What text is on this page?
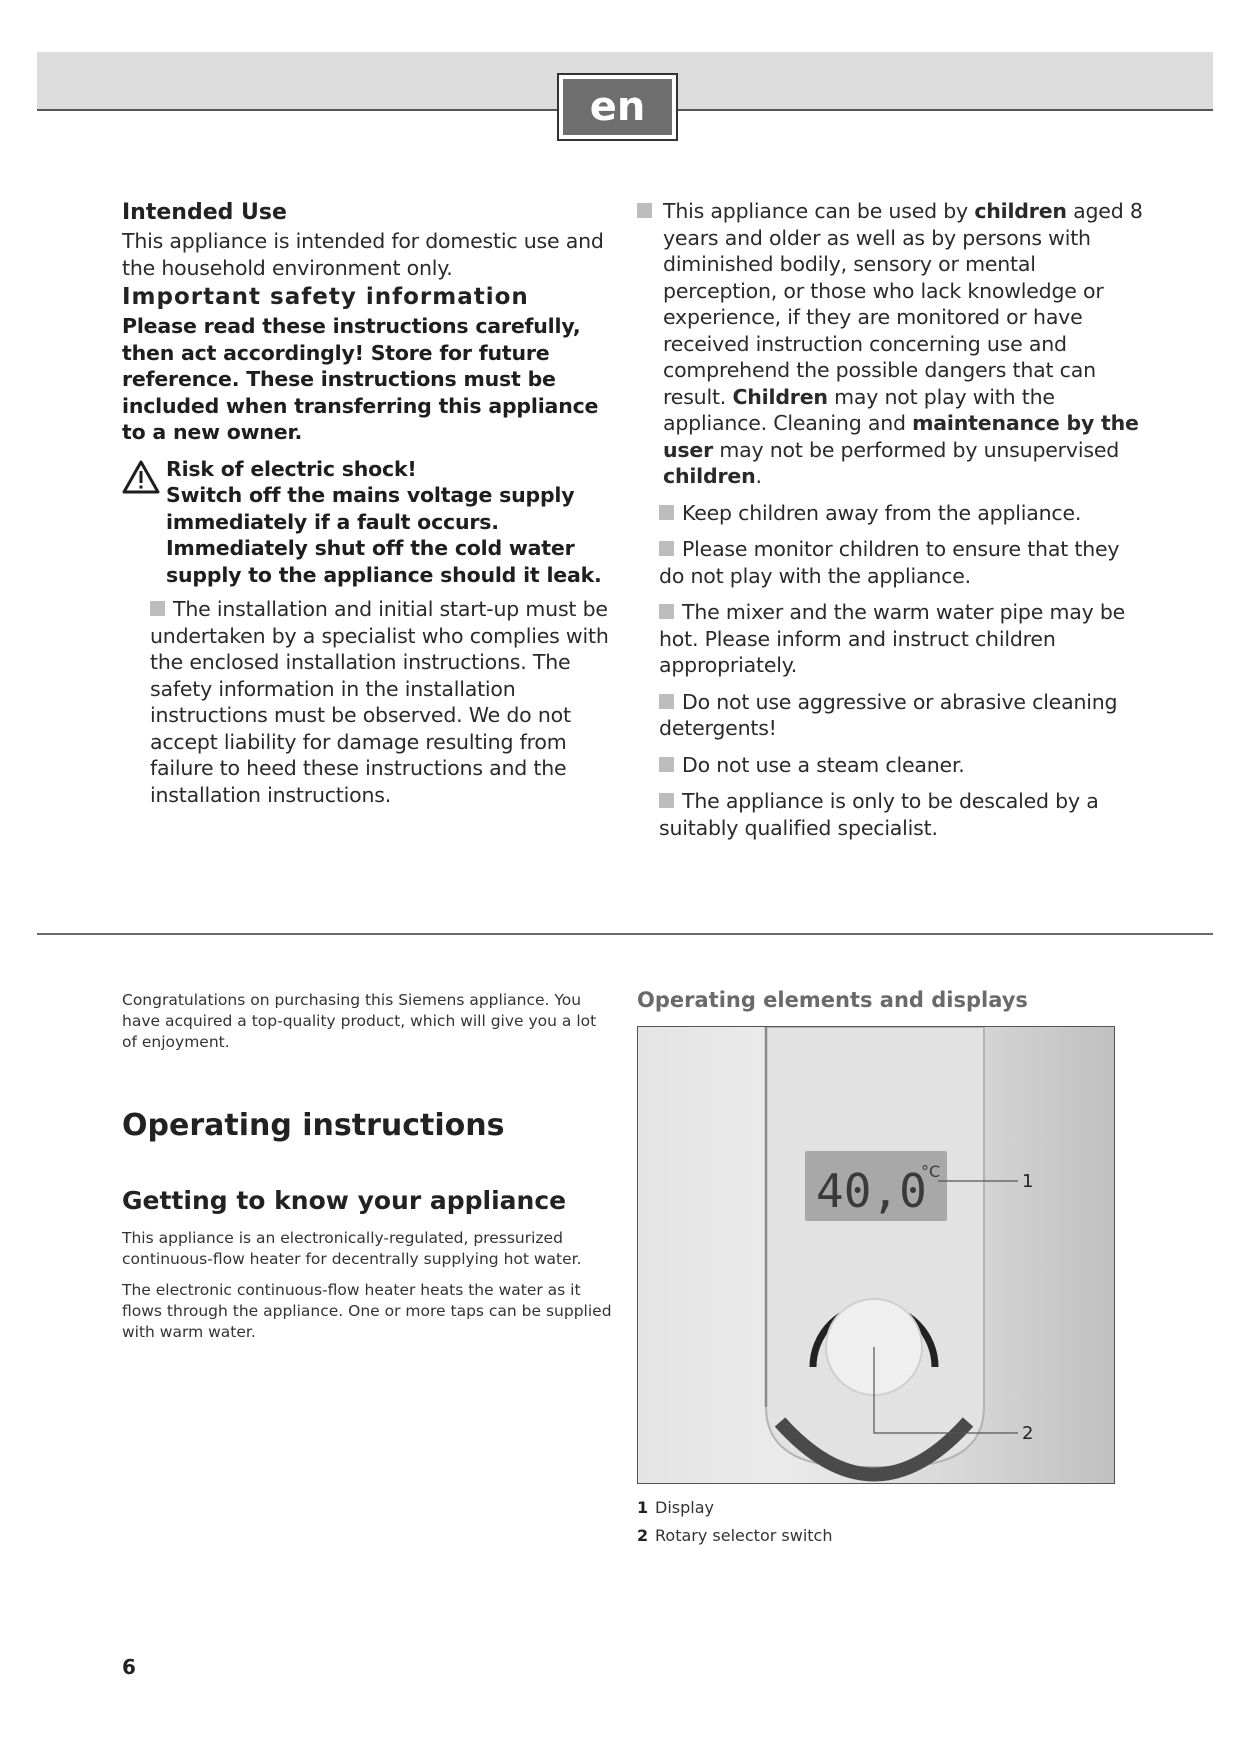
en
Intended Use

This appliance is intended for domestic use and the household environment only.

Important safety information

Please read these instructions carefully, then act accordingly! Store for future reference. These instructions must be included when transferring this appliance to a new owner.

Risk of electric shock!

Switch off the mains voltage supply immediately if a fault occurs.

Immediately shut off the cold water supply to the appliance should it leak.

The installation and initial start-up must be undertaken by a specialist who complies with the enclosed installation instructions. The safety information in the installation instructions must be observed. We do not accept liability for damage resulting from failure to heed these instructions and the installation instructions.

This appliance can be used by children aged 8 years and older as well as by persons with diminished bodily, sensory or mental perception, or those who lack knowledge or experience, if they are monitored or have received instruction concerning use and comprehend the possible dangers that can result. Children may not play with the appliance. Cleaning and maintenance by the user may not be performed by unsupervised children.

Keep children away from the appliance.

Please monitor children to ensure that they do not play with the appliance.

The mixer and the warm water pipe may be hot. Please inform and instruct children appropriately.

Do not use aggressive or abrasive cleaning detergents!

Do not use a steam cleaner.

The appliance is only to be descaled by a suitably qualified specialist.

Congratulations on purchasing this Siemens appliance. You have acquired a top-quality product, which will give you a lot of enjoyment.

Operating instructions
Getting to know your appliance

This appliance is an electronically-regulated, pressurized continuous-flow heater for decentrally supplying hot water.

The electronic continuous-flow heater heats the water as it flows through the appliance. One or more taps can be supplied with warm water.

Operating elements and displays
40,0
°C	1
2
1 Display
2 Rotary selector switch
6
